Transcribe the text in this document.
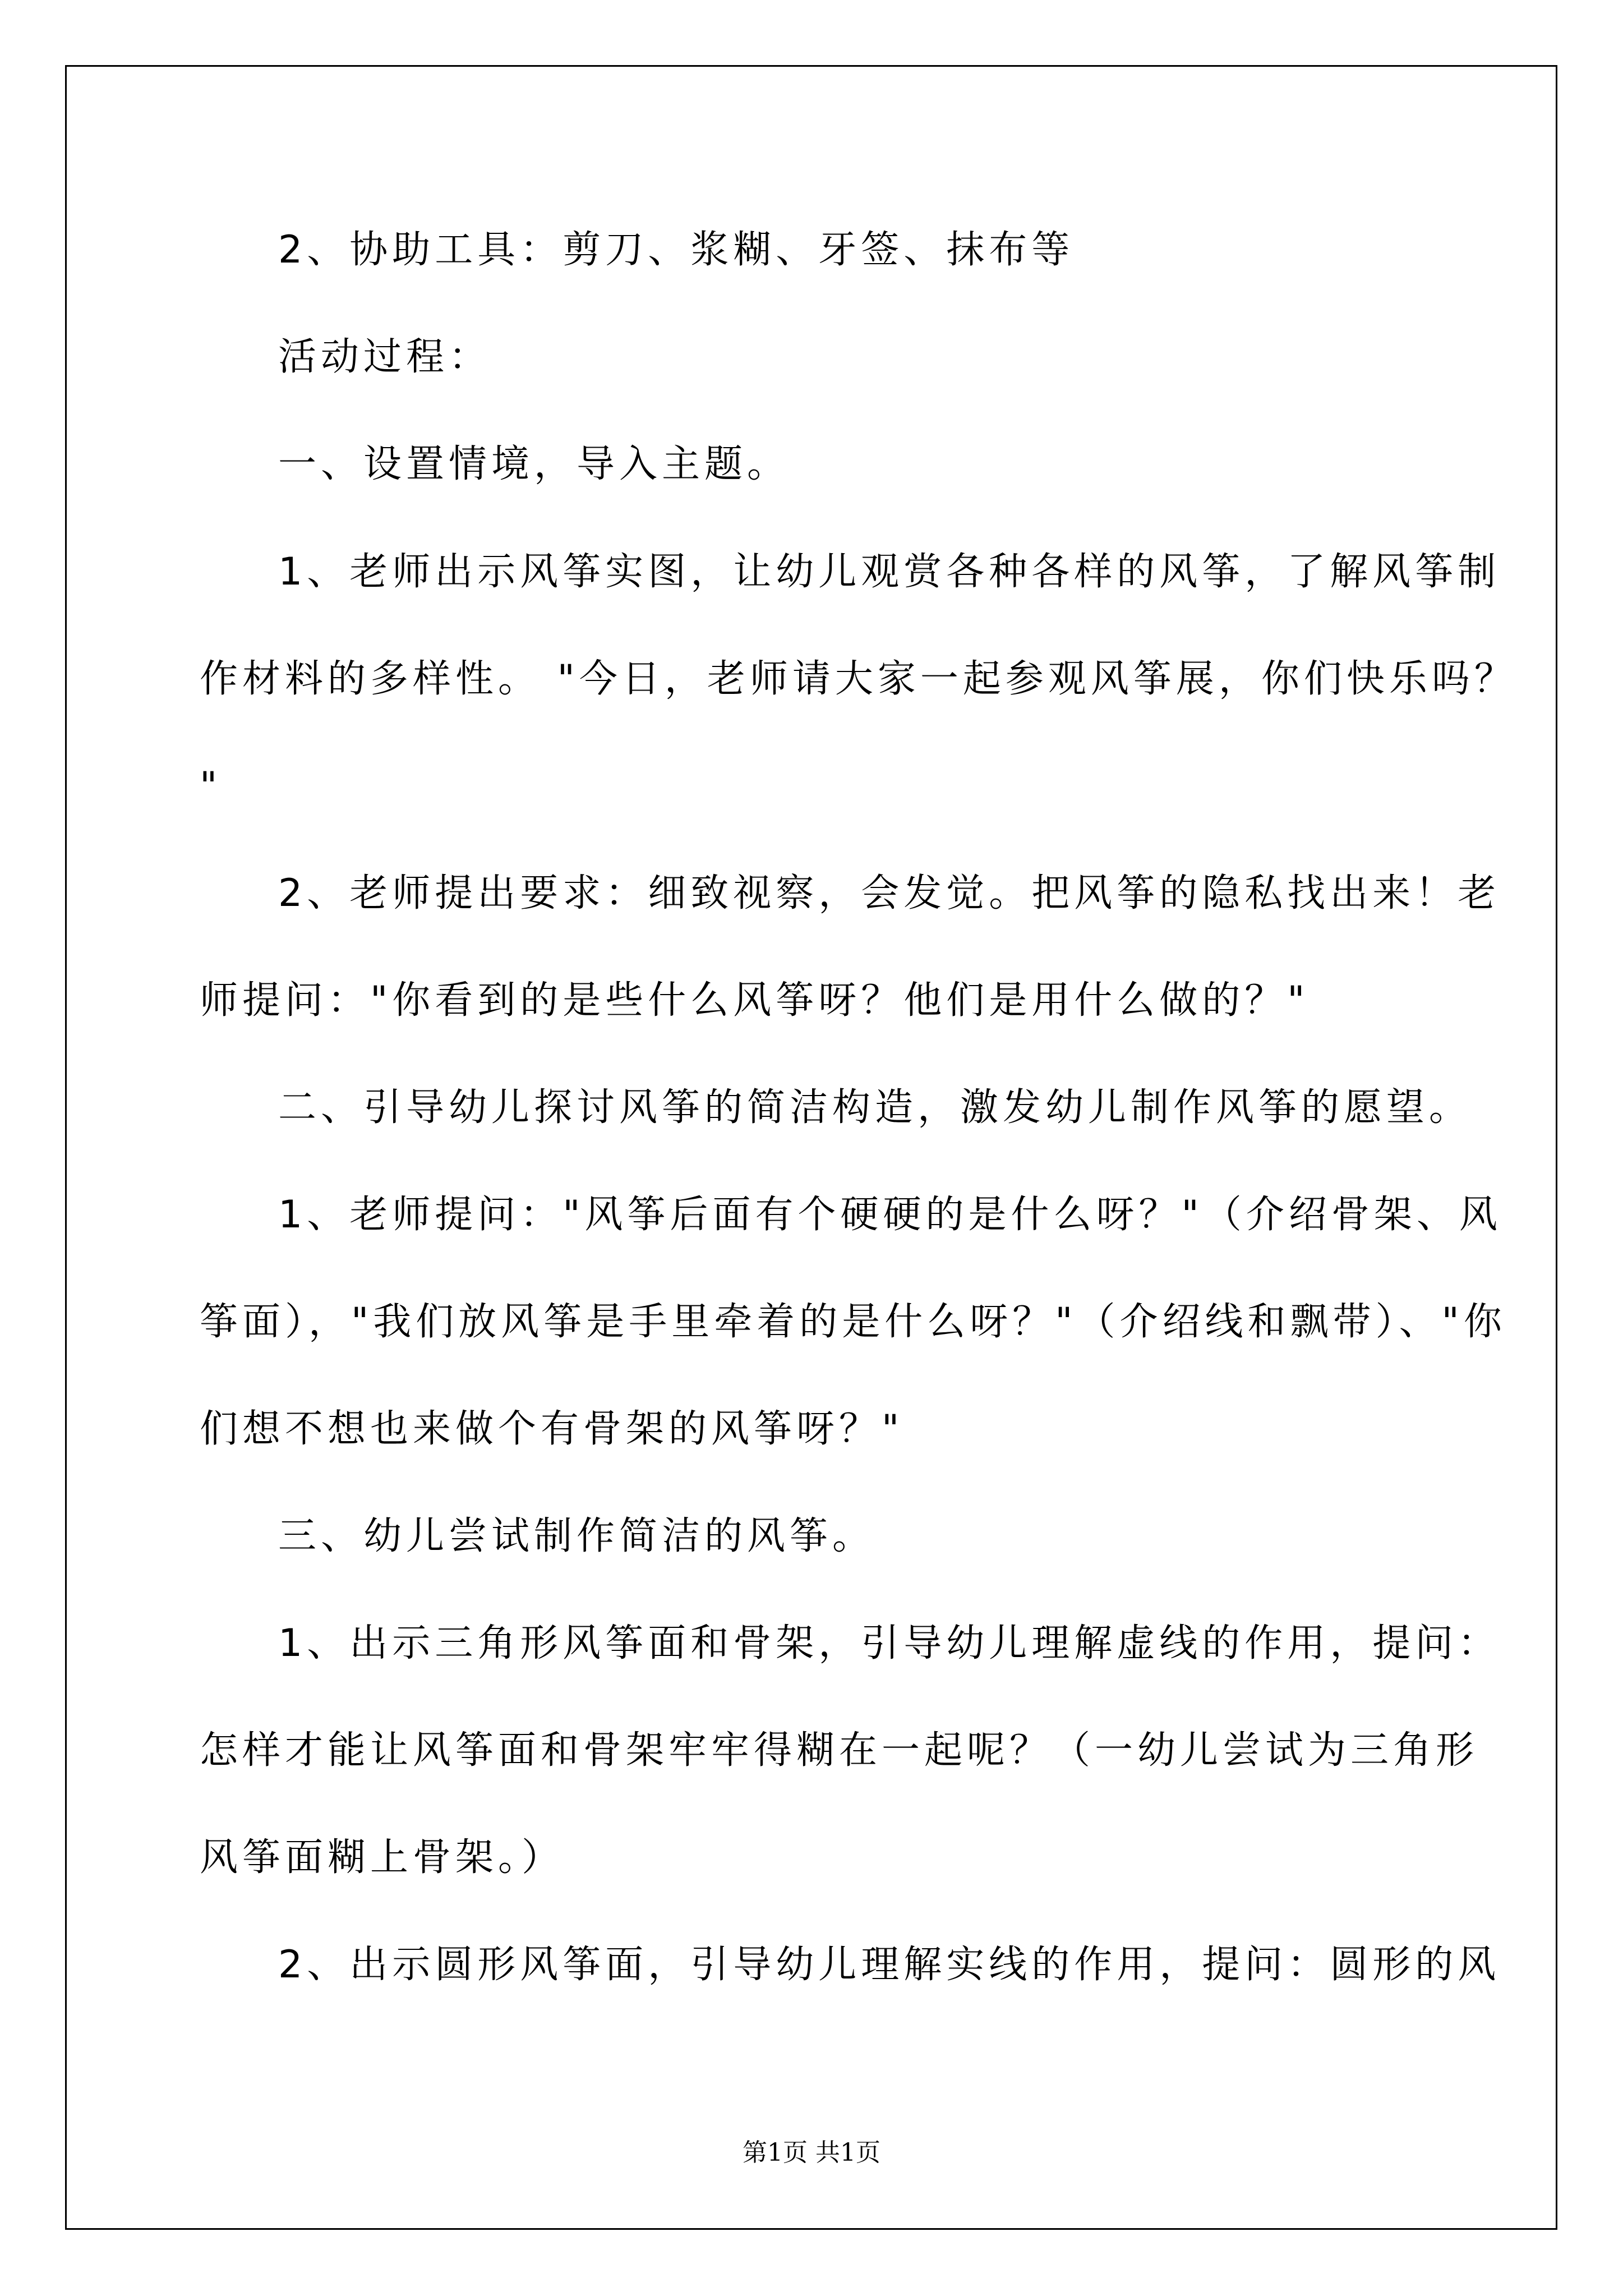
2、协助工具：剪刀、浆糊、牙签、抹布等

活动过程：

一、设置情境，导入主题。

1、老师出示风筝实图，让幼儿观赏各种各样的风筝，了解风筝制

作材料的多样性。 "今日，老师请大家一起参观风筝展，你们快乐吗？

"

2、老师提出要求：细致视察，会发觉。把风筝的隐私找出来！老

师提问："你看到的是些什么风筝呀？他们是用什么做的？"

二、引导幼儿探讨风筝的简洁构造，激发幼儿制作风筝的愿望。

1、老师提问："风筝后面有个硬硬的是什么呀？"（介绍骨架、风

筝面），"我们放风筝是手里牵着的是什么呀？"（介绍线和飘带）、"你

们想不想也来做个有骨架的风筝呀？"

三、幼儿尝试制作简洁的风筝。

1、出示三角形风筝面和骨架，引导幼儿理解虚线的作用，提问：

怎样才能让风筝面和骨架牢牢得糊在一起呢？（一幼儿尝试为三角形

风筝面糊上骨架。）

2、出示圆形风筝面，引导幼儿理解实线的作用，提问：圆形的风

第1页 共1页
